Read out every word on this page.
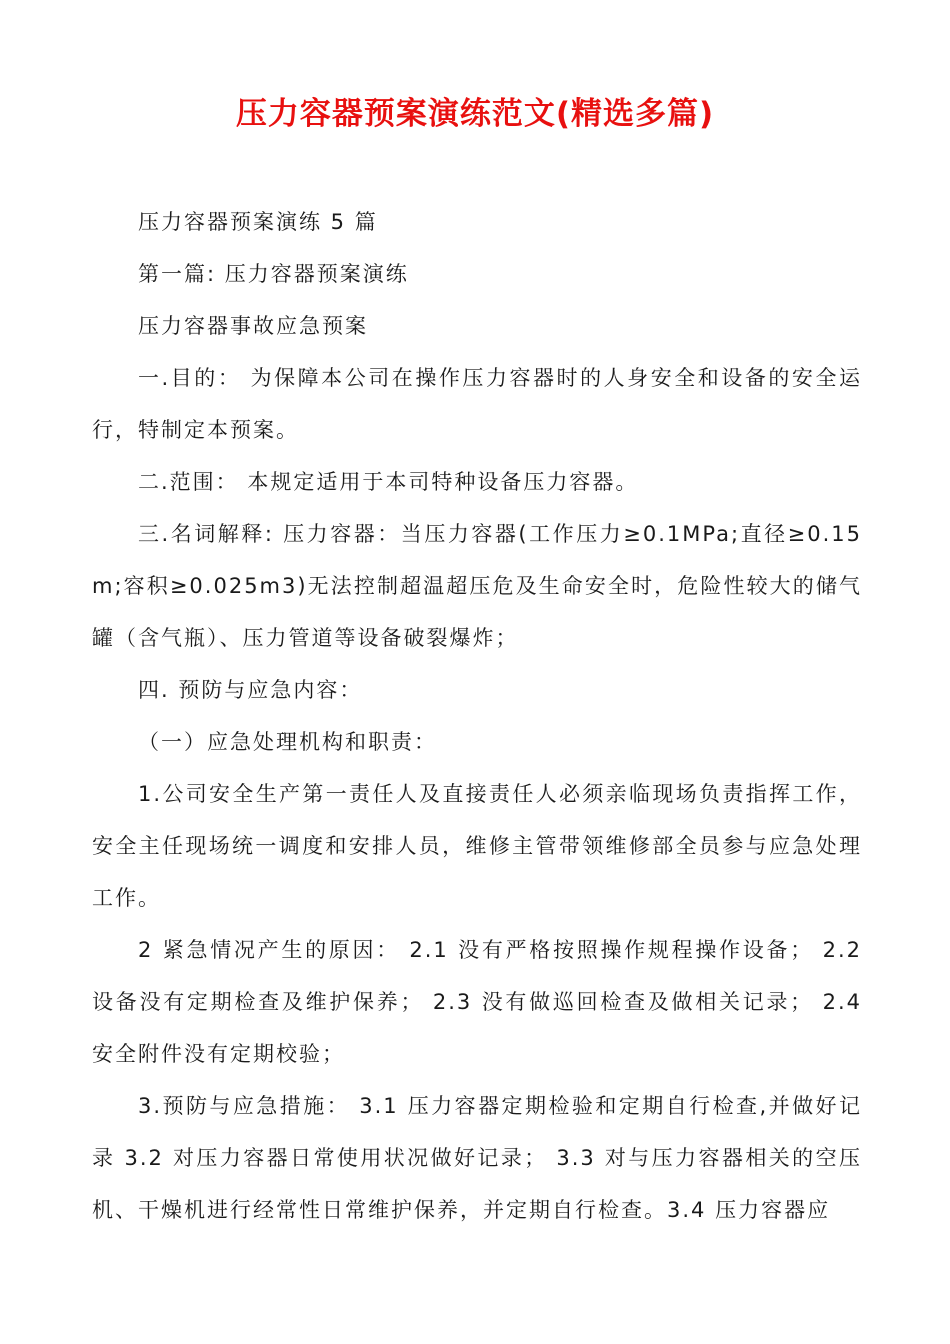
压力容器预案演练范文(精选多篇)

压力容器预案演练 5 篇

第一篇: 压力容器预案演练

压力容器事故应急预案

一.目的： 为保障本公司在操作压力容器时的人身安全和设备的安全运行，特制定本预案。

二.范围： 本规定适用于本司特种设备压力容器。

三.名词解释: 压力容器：当压力容器(工作压力≥0.1MPa;直径≥0.15m;容积≥0.025m3)无法控制超温超压危及生命安全时，危险性较大的储气罐（含气瓶）、压力管道等设备破裂爆炸；

四. 预防与应急内容：

（一）应急处理机构和职责：

1.公司安全生产第一责任人及直接责任人必须亲临现场负责指挥工作，安全主任现场统一调度和安排人员，维修主管带领维修部全员参与应急处理工作。

2 紧急情况产生的原因： 2.1 没有严格按照操作规程操作设备； 2.2 设备没有定期检查及维护保养； 2.3 没有做巡回检查及做相关记录； 2.4 安全附件没有定期校验；

3.预防与应急措施： 3.1 压力容器定期检验和定期自行检查,并做好记录 3.2 对压力容器日常使用状况做好记录； 3.3 对与压力容器相关的空压机、干燥机进行经常性日常维护保养，并定期自行检查。3.4 压力容器应
